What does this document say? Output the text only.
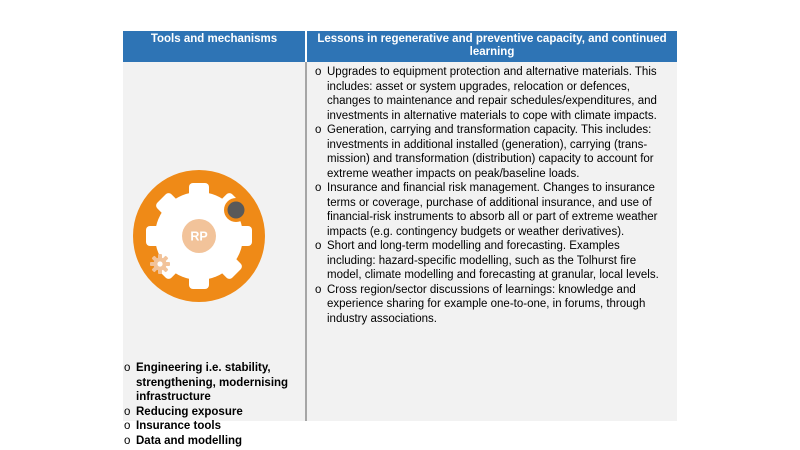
Tools and mechanisms	Lessons in regenerative and preventive capacity, and continued learning
RP
o Engineering i.e. stability, strengthening, modernising infrastructure
o Reducing exposure
o Insurance tools
o Data and modelling
o Upgrades to equipment protection and alternative materials. This includes: asset or system upgrades, relocation or defences, changes to maintenance and repair schedules/expenditures, and investments in alternative materials to cope with climate impacts.
o Generation, carrying and transformation capacity. This includes: investments in additional installed (generation), carrying (trans-mission) and transformation (distribution) capacity to account for extreme weather impacts on peak/baseline loads.
o Insurance and financial risk management. Changes to insurance terms or coverage, purchase of additional insurance, and use of financial-risk instruments to absorb all or part of extreme weather impacts (e.g. contingency budgets or weather derivatives).
o Short and long-term modelling and forecasting. Examples including: hazard-specific modelling, such as the Tolhurst fire model, climate modelling and forecasting at granular, local levels.
o Cross region/sector discussions of learnings: knowledge and experience sharing for example one-to-one, in forums, through industry associations.
